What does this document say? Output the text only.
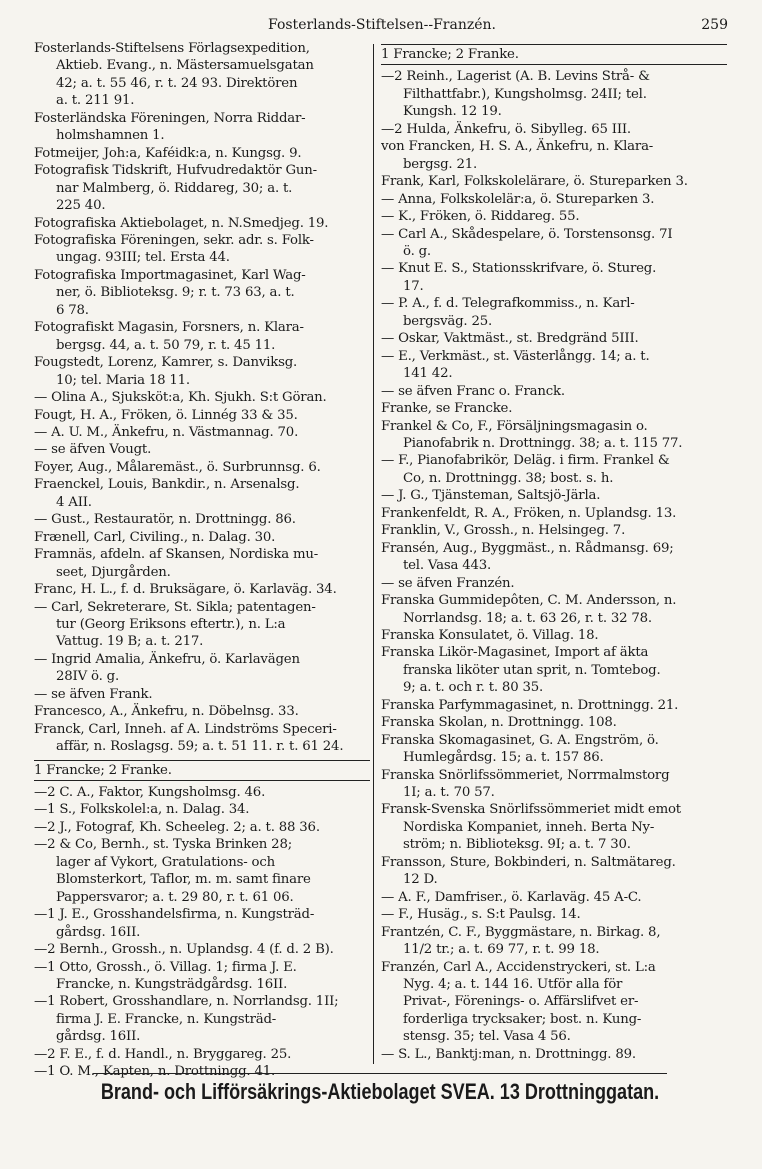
Fosterlands-Stiftelsen--Franzén.	259
Fosterlands-Stiftelsens Förlagsexpedition,
Aktieb. Evang., n. Mästersamuelsgatan
42; a. t. 55 46, r. t. 24 93. Direktören
a. t. 211 91.
Fosterländska Föreningen, Norra Riddar-
holmshamnen 1.
Fotmeijer, Joh:a, Kaféidk:a, n. Kungsg. 9.
Fotografisk Tidskrift, Hufvudredaktör Gun-
nar Malmberg, ö. Riddareg, 30; a. t.
225 40.
Fotografiska Aktiebolaget, n. N.Smedjeg. 19.
Fotografiska Föreningen, sekr. adr. s. Folk-
ungag. 93III; tel. Ersta 44.
Fotografiska Importmagasinet, Karl Wag-
ner, ö. Biblioteksg. 9; r. t. 73 63, a. t.
6 78.
Fotografiskt Magasin, Forsners, n. Klara-
bergsg. 44, a. t. 50 79, r. t. 45 11.
Fougstedt, Lorenz, Kamrer, s. Danviksg.
10; tel. Maria 18 11.
— Olina A., Sjuksköt:a, Kh. Sjukh. S:t Göran.
Fougt, H. A., Fröken, ö. Linnég 33 & 35.
— A. U. M., Änkefru, n. Västmannag. 70.
— se äfven Vougt.
Foyer, Aug., Målaremäst., ö. Surbrunnsg. 6.
Fraenckel, Louis, Bankdir., n. Arsenalsg.
4 AII.
— Gust., Restauratör, n. Drottningg. 86.
Frænell, Carl, Civiling., n. Dalag. 30.
Framnäs, afdeln. af Skansen, Nordiska mu-
seet, Djurgården.
Franc, H. L., f. d. Bruksägare, ö. Karlaväg. 34.
— Carl, Sekreterare, St. Sikla; patentagen-
tur (Georg Eriksons eftertr.), n. L:a
Vattug. 19 B; a. t. 217.
— Ingrid Amalia, Änkefru, ö. Karlavägen
28IV ö. g.
— se äfven Frank.
Francesco, A., Änkefru, n. Döbelnsg. 33.
Franck, Carl, Inneh. af A. Lindströms Speceri-
affär, n. Roslagsg. 59; a. t. 51 11. r. t. 61 24.
1 Francke; 2 Franke.
—2 C. A., Faktor, Kungsholmsg. 46.
—1 S., Folkskolel:a, n. Dalag. 34.
—2 J., Fotograf, Kh. Scheeleg. 2; a. t. 88 36.
—2 & Co, Bernh., st. Tyska Brinken 28;
lager af Vykort, Gratulations- och
Blomsterkort, Taflor, m. m. samt finare
Pappersvaror; a. t. 29 80, r. t. 61 06.
—1 J. E., Grosshandelsfirma, n. Kungsträd-
gårdsg. 16II.
—2 Bernh., Grossh., n. Uplandsg. 4 (f. d. 2 B).
—1 Otto, Grossh., ö. Villag. 1; firma J. E.
Francke, n. Kungsträdgårdsg. 16II.
—1 Robert, Grosshandlare, n. Norrlandsg. 1II;
firma J. E. Francke, n. Kungsträd-
gårdsg. 16II.
—2 F. E., f. d. Handl., n. Bryggareg. 25.
—1 O. M., Kapten, n. Drottningg. 41.
1 Francke; 2 Franke.
—2 Reinh., Lagerist (A. B. Levins Strå- &
Filthattfabr.), Kungsholmsg. 24II; tel.
Kungsh. 12 19.
—2 Hulda, Änkefru, ö. Sibylleg. 65 III.
von Francken, H. S. A., Änkefru, n. Klara-
bergsg. 21.
Frank, Karl, Folkskolelärare, ö. Stureparken 3.
— Anna, Folkskolelär:a, ö. Stureparken 3.
— K., Fröken, ö. Riddareg. 55.
— Carl A., Skådespelare, ö. Torstensonsg. 7I
ö. g.
— Knut E. S., Stationsskrifvare, ö. Stureg.
17.
— P. A., f. d. Telegrafkommiss., n. Karl-
bergsväg. 25.
— Oskar, Vaktmäst., st. Bredgränd 5III.
— E., Verkmäst., st. Västerlångg. 14; a. t.
141 42.
— se äfven Franc o. Franck.
Franke, se Francke.
Frankel & Co, F., Försäljningsmagasin o.
Pianofabrik n. Drottningg. 38; a. t. 115 77.
— F., Pianofabrikör, Deläg. i firm. Frankel &
Co, n. Drottningg. 38; bost. s. h.
— J. G., Tjänsteman, Saltsjö-Järla.
Frankenfeldt, R. A., Fröken, n. Uplandsg. 13.
Franklin, V., Grossh., n. Helsingeg. 7.
Fransén, Aug., Byggmäst., n. Rådmansg. 69;
tel. Vasa 443.
— se äfven Franzén.
Franska Gummidepôten, C. M. Andersson, n.
Norrlandsg. 18; a. t. 63 26, r. t. 32 78.
Franska Konsulatet, ö. Villag. 18.
Franska Likör-Magasinet, Import af äkta
franska liköter utan sprit, n. Tomtebog.
9; a. t. och r. t. 80 35.
Franska Parfymmagasinet, n. Drottningg. 21.
Franska Skolan, n. Drottningg. 108.
Franska Skomagasinet, G. A. Engström, ö.
Humlegårdsg. 15; a. t. 157 86.
Franska Snörlifssömmeriet, Norrmalmstorg
1I; a. t. 70 57.
Fransk-Svenska Snörlifssömmeriet midt emot
Nordiska Kompaniet, inneh. Berta Ny-
ström; n. Biblioteksg. 9I; a. t. 7 30.
Fransson, Sture, Bokbinderi, n. Saltmätareg.
12 D.
— A. F., Damfriser., ö. Karlaväg. 45 A-C.
— F., Husäg., s. S:t Paulsg. 14.
Frantzén, C. F., Byggmästare, n. Birkag. 8,
11/2 tr.; a. t. 69 77, r. t. 99 18.
Franzén, Carl A., Accidenstryckeri, st. L:a
Nyg. 4; a. t. 144 16. Utför alla för
Privat-, Förenings- o. Affärslifvet er-
forderliga trycksaker; bost. n. Kung-
stensg. 35; tel. Vasa 4 56.
— S. L., Banktj:man, n. Drottningg. 89.
Brand- och Lifförsäkrings-Aktiebolaget SVEA. 13 Drottninggatan.
